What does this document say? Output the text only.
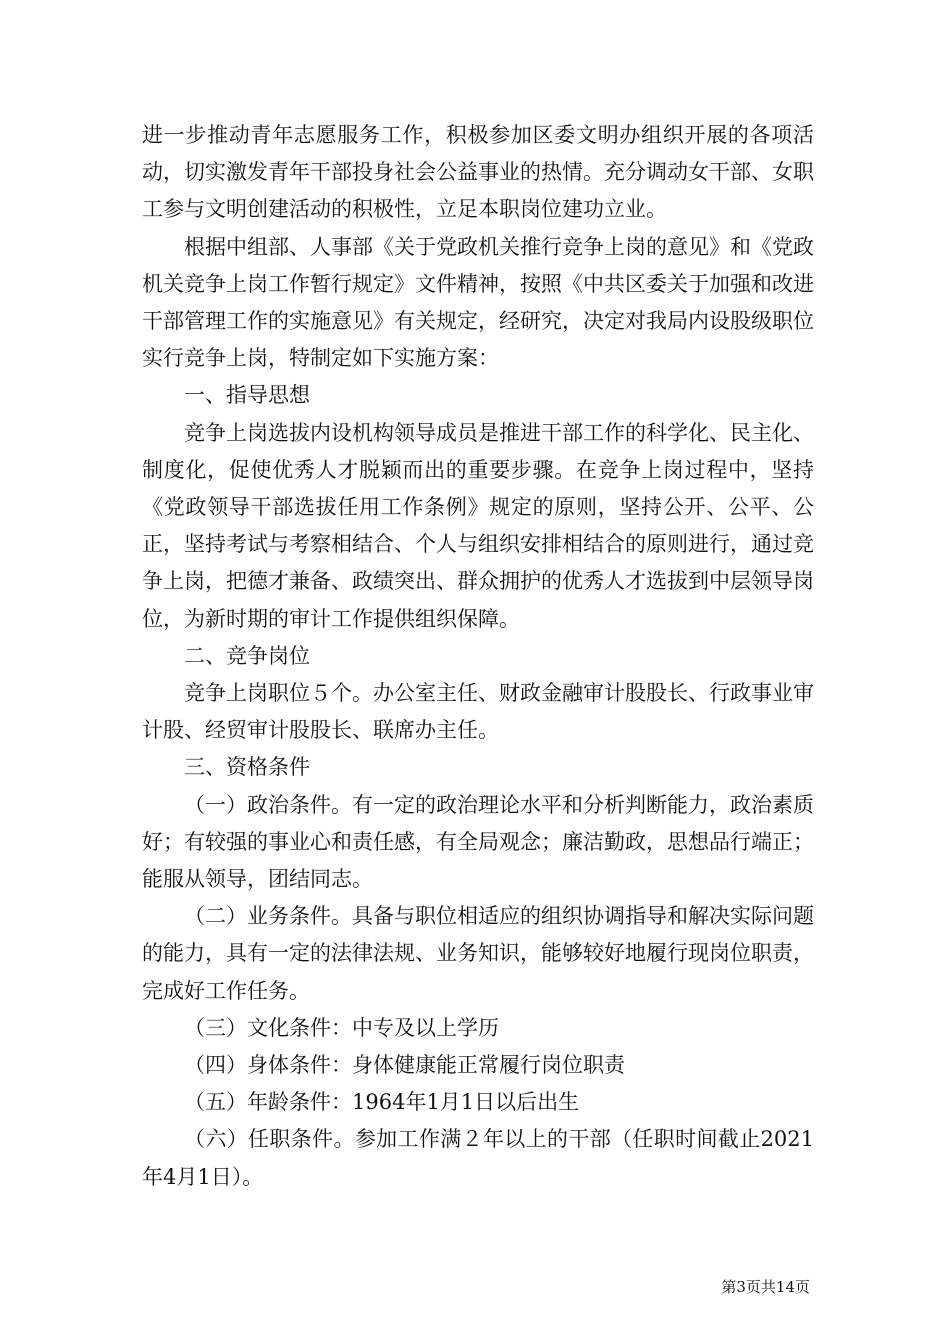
进一步推动青年志愿服务工作，积极参加区委文明办组织开展的各项活动，切实激发青年干部投身社会公益事业的热情。充分调动女干部、女职工参与文明创建活动的积极性，立足本职岗位建功立业。

根据中组部、人事部《关于党政机关推行竞争上岗的意见》和《党政机关竞争上岗工作暂行规定》文件精神，按照《中共区委关于加强和改进干部管理工作的实施意见》有关规定，经研究，决定对我局内设股级职位实行竞争上岗，特制定如下实施方案：

一、指导思想

竞争上岗选拔内设机构领导成员是推进干部工作的科学化、民主化、制度化，促使优秀人才脱颖而出的重要步骤。在竞争上岗过程中，坚持《党政领导干部选拔任用工作条例》规定的原则，坚持公开、公平、公正，坚持考试与考察相结合、个人与组织安排相结合的原则进行，通过竞争上岗，把德才兼备、政绩突出、群众拥护的优秀人才选拔到中层领导岗位，为新时期的审计工作提供组织保障。

二、竞争岗位

竞争上岗职位５个。办公室主任、财政金融审计股股长、行政事业审计股、经贸审计股股长、联席办主任。

三、资格条件

（一）政治条件。有一定的政治理论水平和分析判断能力，政治素质好；有较强的事业心和责任感，有全局观念；廉洁勤政，思想品行端正；能服从领导，团结同志。

（二）业务条件。具备与职位相适应的组织协调指导和解决实际问题的能力，具有一定的法律法规、业务知识，能够较好地履行现岗位职责，完成好工作任务。

（三）文化条件：中专及以上学历

（四）身体条件：身体健康能正常履行岗位职责

（五）年龄条件：1964年1月1日以后出生

（六）任职条件。参加工作满２年以上的干部（任职时间截止2021年4月1日）。

第3页共14页
